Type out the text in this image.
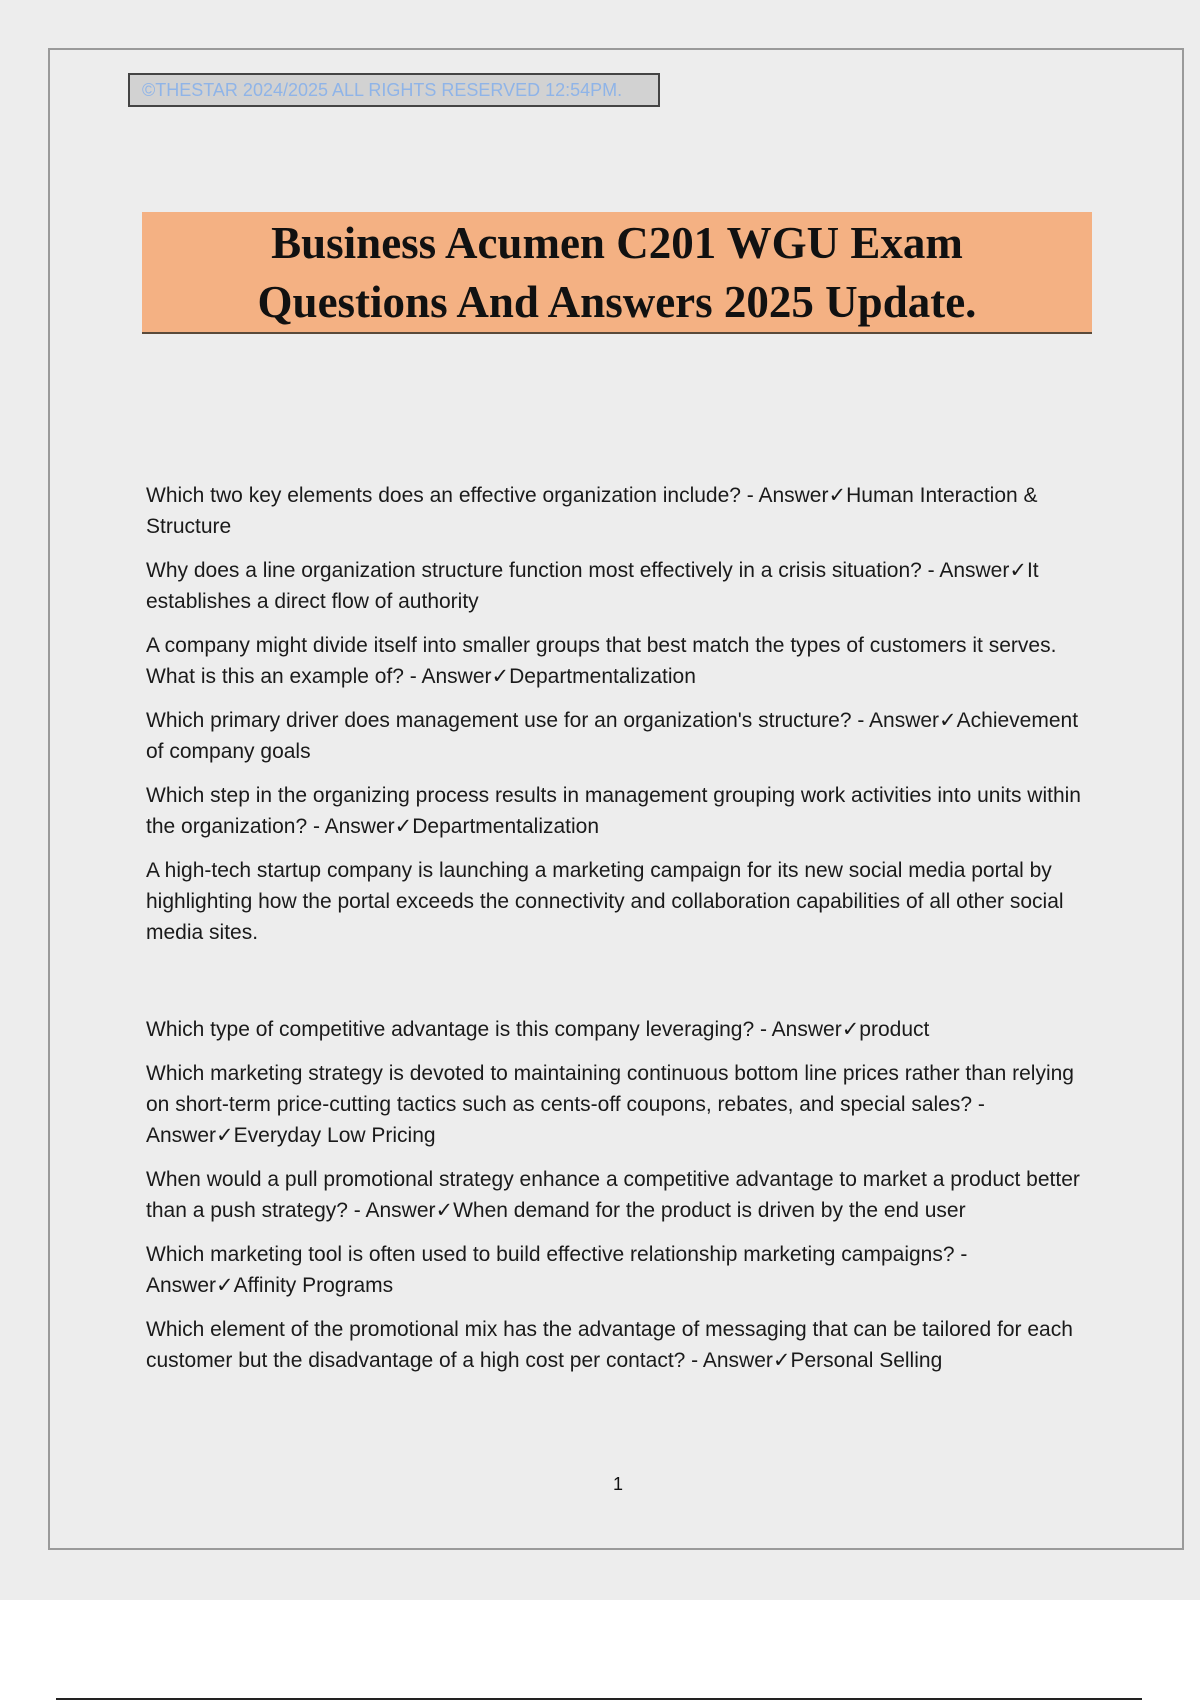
©THESTAR 2024/2025 ALL RIGHTS RESERVED 12:54PM.
Business Acumen C201 WGU Exam
Questions And Answers 2025 Update.

Which two key elements does an effective organization include? - Answer✓Human Interaction & Structure

Why does a line organization structure function most effectively in a crisis situation? - Answer✓It establishes a direct flow of authority

A company might divide itself into smaller groups that best match the types of customers it serves. What is this an example of? - Answer✓Departmentalization

Which primary driver does management use for an organization's structure? - Answer✓Achievement of company goals

Which step in the organizing process results in management grouping work activities into units within the organization? - Answer✓Departmentalization

A high-tech startup company is launching a marketing campaign for its new social media portal by highlighting how the portal exceeds the connectivity and collaboration capabilities of all other social media sites.

Which type of competitive advantage is this company leveraging? - Answer✓product

Which marketing strategy is devoted to maintaining continuous bottom line prices rather than relying on short-term price-cutting tactics such as cents-off coupons, rebates, and special sales? - Answer✓Everyday Low Pricing

When would a pull promotional strategy enhance a competitive advantage to market a product better than a push strategy? - Answer✓When demand for the product is driven by the end user

Which marketing tool is often used to build effective relationship marketing campaigns? - Answer✓Affinity Programs

Which element of the promotional mix has the advantage of messaging that can be tailored for each customer but the disadvantage of a high cost per contact? - Answer✓Personal Selling

1
